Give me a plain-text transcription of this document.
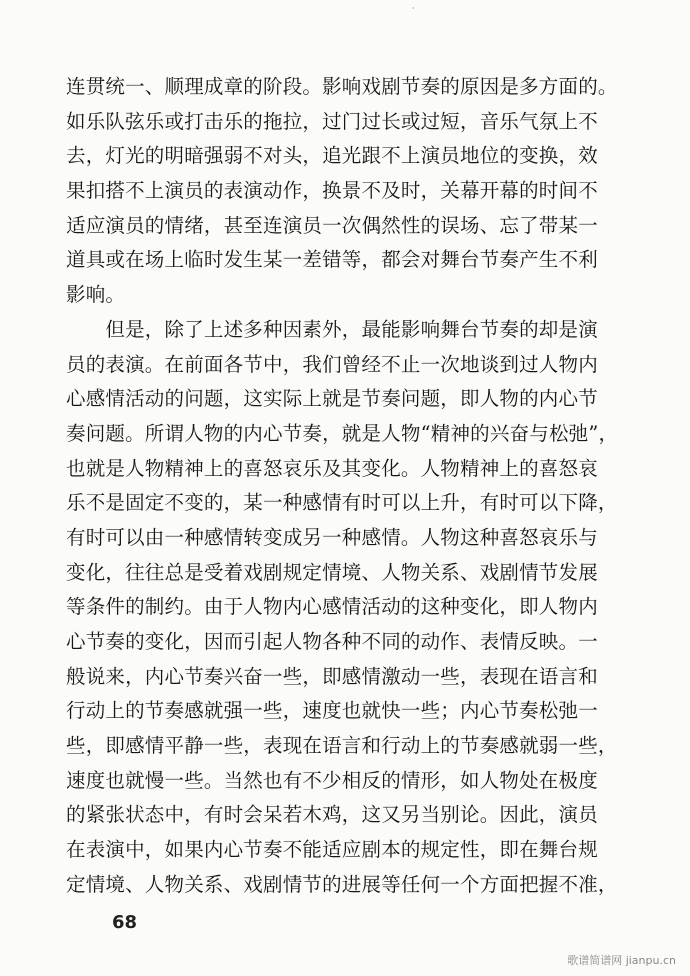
·
连贯统一、顺理成章的阶段。影响戏剧节奏的原因是多方面的。
如乐队弦乐或打击乐的拖拉，过门过长或过短，音乐气氛上不
去，灯光的明暗强弱不对头，追光跟不上演员地位的变换，效
果扣搭不上演员的表演动作，换景不及时，关幕开幕的时间不
适应演员的情绪，甚至连演员一次偶然性的误场、忘了带某一
道具或在场上临时发生某一差错等，都会对舞台节奏产生不利
影响。
　　但是，除了上述多种因素外，最能影响舞台节奏的却是演
员的表演。在前面各节中，我们曾经不止一次地谈到过人物内
心感情活动的问题，这实际上就是节奏问题，即人物的内心节
奏问题。所谓人物的内心节奏，就是人物“精神的兴奋与松弛”，
也就是人物精神上的喜怒哀乐及其变化。人物精神上的喜怒哀
乐不是固定不变的，某一种感情有时可以上升，有时可以下降，
有时可以由一种感情转变成另一种感情。人物这种喜怒哀乐与
变化，往往总是受着戏剧规定情境、人物关系、戏剧情节发展
等条件的制约。由于人物内心感情活动的这种变化，即人物内
心节奏的变化，因而引起人物各种不同的动作、表情反映。一
般说来，内心节奏兴奋一些，即感情激动一些，表现在语言和
行动上的节奏感就强一些，速度也就快一些；内心节奏松弛一
些，即感情平静一些，表现在语言和行动上的节奏感就弱一些，
速度也就慢一些。当然也有不少相反的情形，如人物处在极度
的紧张状态中，有时会呆若木鸡，这又另当别论。因此，演员
在表演中，如果内心节奏不能适应剧本的规定性，即在舞台规
定情境、人物关系、戏剧情节的进展等任何一个方面把握不准，
68
歌谱简谱网 jianpu.cn
